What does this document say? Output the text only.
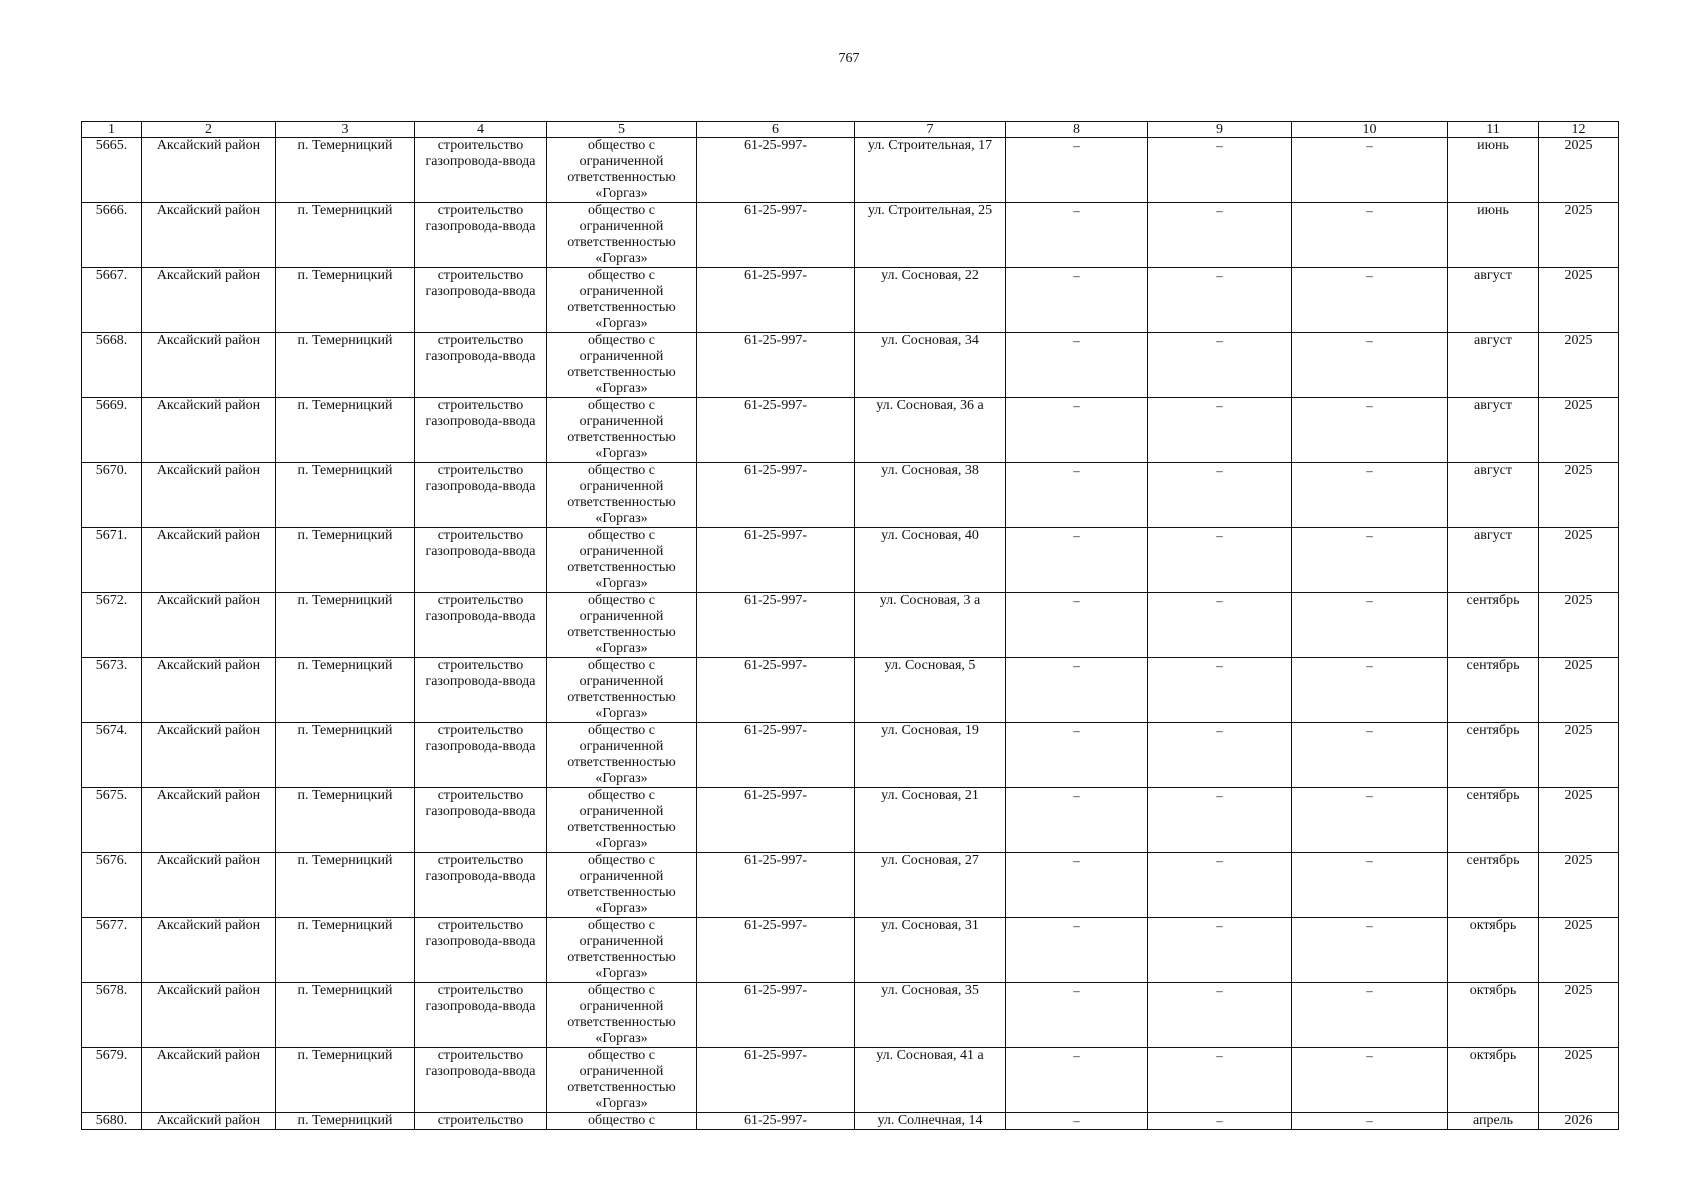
767
1	2	3	4	5	6	7	8	9	10	11	12
5665.	Аксайский район	п. Темерницкий	строительство газопровода-ввода	общество с ограниченной ответственностью «Горгаз»	61-25-997-	ул. Строительная, 17	–	–	–	июнь	2025
5666.	Аксайский район	п. Темерницкий	строительство газопровода-ввода	общество с ограниченной ответственностью «Горгаз»	61-25-997-	ул. Строительная, 25	–	–	–	июнь	2025
5667.	Аксайский район	п. Темерницкий	строительство газопровода-ввода	общество с ограниченной ответственностью «Горгаз»	61-25-997-	ул. Сосновая, 22	–	–	–	август	2025
5668.	Аксайский район	п. Темерницкий	строительство газопровода-ввода	общество с ограниченной ответственностью «Горгаз»	61-25-997-	ул. Сосновая, 34	–	–	–	август	2025
5669.	Аксайский район	п. Темерницкий	строительство газопровода-ввода	общество с ограниченной ответственностью «Горгаз»	61-25-997-	ул. Сосновая, 36 а	–	–	–	август	2025
5670.	Аксайский район	п. Темерницкий	строительство газопровода-ввода	общество с ограниченной ответственностью «Горгаз»	61-25-997-	ул. Сосновая, 38	–	–	–	август	2025
5671.	Аксайский район	п. Темерницкий	строительство газопровода-ввода	общество с ограниченной ответственностью «Горгаз»	61-25-997-	ул. Сосновая, 40	–	–	–	август	2025
5672.	Аксайский район	п. Темерницкий	строительство газопровода-ввода	общество с ограниченной ответственностью «Горгаз»	61-25-997-	ул. Сосновая, 3 а	–	–	–	сентябрь	2025
5673.	Аксайский район	п. Темерницкий	строительство газопровода-ввода	общество с ограниченной ответственностью «Горгаз»	61-25-997-	ул. Сосновая, 5	–	–	–	сентябрь	2025
5674.	Аксайский район	п. Темерницкий	строительство газопровода-ввода	общество с ограниченной ответственностью «Горгаз»	61-25-997-	ул. Сосновая, 19	–	–	–	сентябрь	2025
5675.	Аксайский район	п. Темерницкий	строительство газопровода-ввода	общество с ограниченной ответственностью «Горгаз»	61-25-997-	ул. Сосновая, 21	–	–	–	сентябрь	2025
5676.	Аксайский район	п. Темерницкий	строительство газопровода-ввода	общество с ограниченной ответственностью «Горгаз»	61-25-997-	ул. Сосновая, 27	–	–	–	сентябрь	2025
5677.	Аксайский район	п. Темерницкий	строительство газопровода-ввода	общество с ограниченной ответственностью «Горгаз»	61-25-997-	ул. Сосновая, 31	–	–	–	октябрь	2025
5678.	Аксайский район	п. Темерницкий	строительство газопровода-ввода	общество с ограниченной ответственностью «Горгаз»	61-25-997-	ул. Сосновая, 35	–	–	–	октябрь	2025
5679.	Аксайский район	п. Темерницкий	строительство газопровода-ввода	общество с ограниченной ответственностью «Горгаз»	61-25-997-	ул. Сосновая, 41 а	–	–	–	октябрь	2025
5680.	Аксайский район	п. Темерницкий	строительство	общество с	61-25-997-	ул. Солнечная, 14	–	–	–	апрель	2026
